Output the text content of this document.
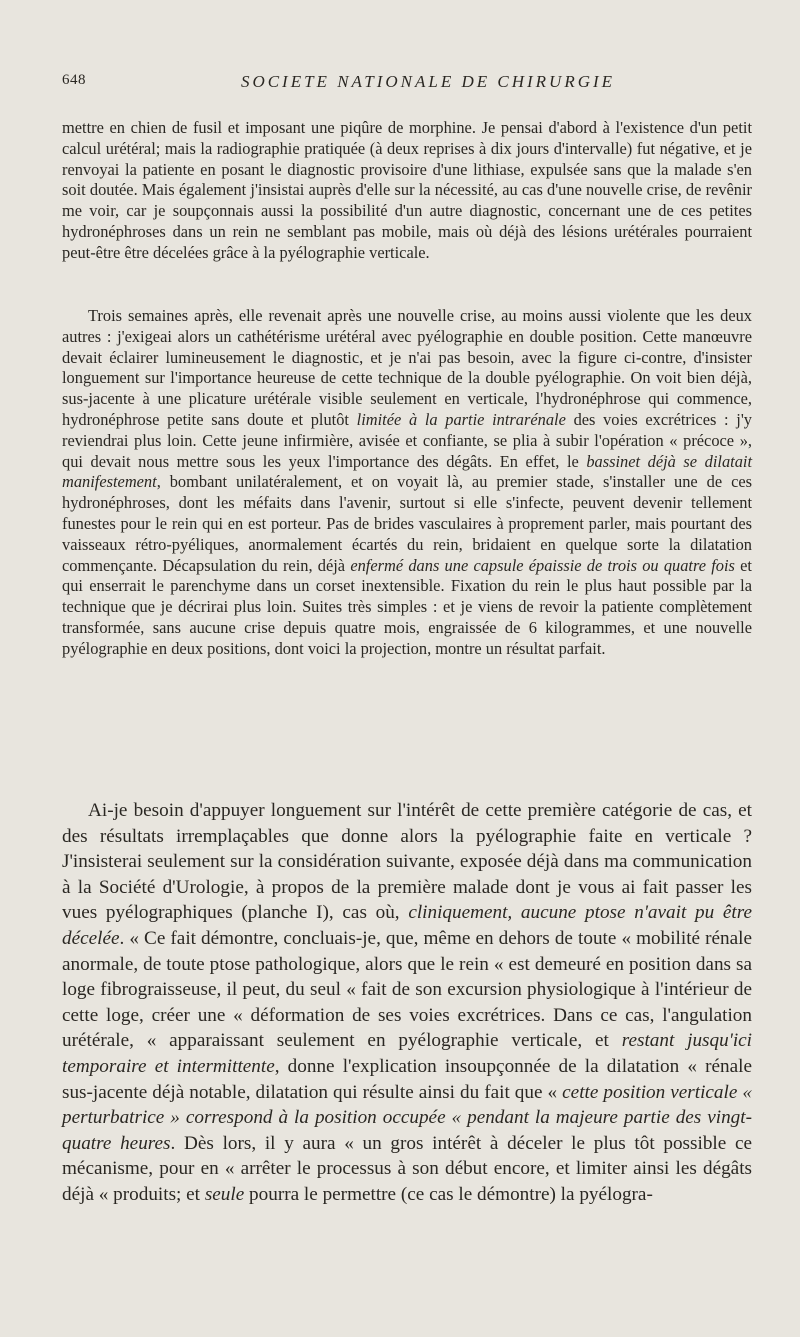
648	SOCIETE NATIONALE DE CHIRURGIE

mettre en chien de fusil et imposant une piqûre de morphine. Je pensai d'abord à l'existence d'un petit calcul urétéral; mais la radiographie pratiquée (à deux reprises à dix jours d'intervalle) fut négative, et je renvoyai la patiente en posant le diagnostic provisoire d'une lithiase, expulsée sans que la malade s'en soit doutée. Mais également j'insistai auprès d'elle sur la nécessité, au cas d'une nouvelle crise, de revênir me voir, car je soupçonnais aussi la possibilité d'un autre diagnostic, concernant une de ces petites hydronéphroses dans un rein ne semblant pas mobile, mais où déjà des lésions urétérales pourraient peut-être être décelées grâce à la pyélographie verticale.

Trois semaines après, elle revenait après une nouvelle crise, au moins aussi violente que les deux autres : j'exigeai alors un cathétérisme urétéral avec pyélographie en double position. Cette manœuvre devait éclairer lumineusement le diagnostic, et je n'ai pas besoin, avec la figure ci-contre, d'insister longuement sur l'importance heureuse de cette technique de la double pyélographie. On voit bien déjà, sus-jacente à une plicature urétérale visible seulement en verticale, l'hydronéphrose qui commence, hydronéphrose petite sans doute et plutôt limitée à la partie intrarénale des voies excrétrices : j'y reviendrai plus loin. Cette jeune infirmière, avisée et confiante, se plia à subir l'opération « précoce », qui devait nous mettre sous les yeux l'importance des dégâts. En effet, le bassinet déjà se dilatait manifestement, bombant unilatéralement, et on voyait là, au premier stade, s'installer une de ces hydronéphroses, dont les méfaits dans l'avenir, surtout si elle s'infecte, peuvent devenir tellement funestes pour le rein qui en est porteur. Pas de brides vasculaires à proprement parler, mais pourtant des vaisseaux rétro-pyéliques, anormalement écartés du rein, bridaient en quelque sorte la dilatation commençante. Décapsulation du rein, déjà enfermé dans une capsule épaissie de trois ou quatre fois et qui enserrait le parenchyme dans un corset inextensible. Fixation du rein le plus haut possible par la technique que je décrirai plus loin. Suites très simples : et je viens de revoir la patiente complètement transformée, sans aucune crise depuis quatre mois, engraissée de 6 kilogrammes, et une nouvelle pyélographie en deux positions, dont voici la projection, montre un résultat parfait.

Ai-je besoin d'appuyer longuement sur l'intérêt de cette première catégorie de cas, et des résultats irremplaçables que donne alors la pyélographie faite en verticale ? J'insisterai seulement sur la considération suivante, exposée déjà dans ma communication à la Société d'Urologie, à propos de la première malade dont je vous ai fait passer les vues pyélographiques (planche I), cas où, cliniquement, aucune ptose n'avait pu être décelée. « Ce fait démontre, concluais-je, que, même en dehors de toute « mobilité rénale anormale, de toute ptose pathologique, alors que le rein « est demeuré en position dans sa loge fibrograisseuse, il peut, du seul « fait de son excursion physiologique à l'intérieur de cette loge, créer une « déformation de ses voies excrétrices. Dans ce cas, l'angulation urétérale, « apparaissant seulement en pyélographie verticale, et restant jusqu'ici temporaire et intermittente, donne l'explication insoupçonnée de la dilatation « rénale sus-jacente déjà notable, dilatation qui résulte ainsi du fait que « cette position verticale « perturbatrice » correspond à la position occupée « pendant la majeure partie des vingt-quatre heures. Dès lors, il y aura « un gros intérêt à déceler le plus tôt possible ce mécanisme, pour en « arrêter le processus à son début encore, et limiter ainsi les dégâts déjà « produits; et seule pourra le permettre (ce cas le démontre) la pyélogra-
